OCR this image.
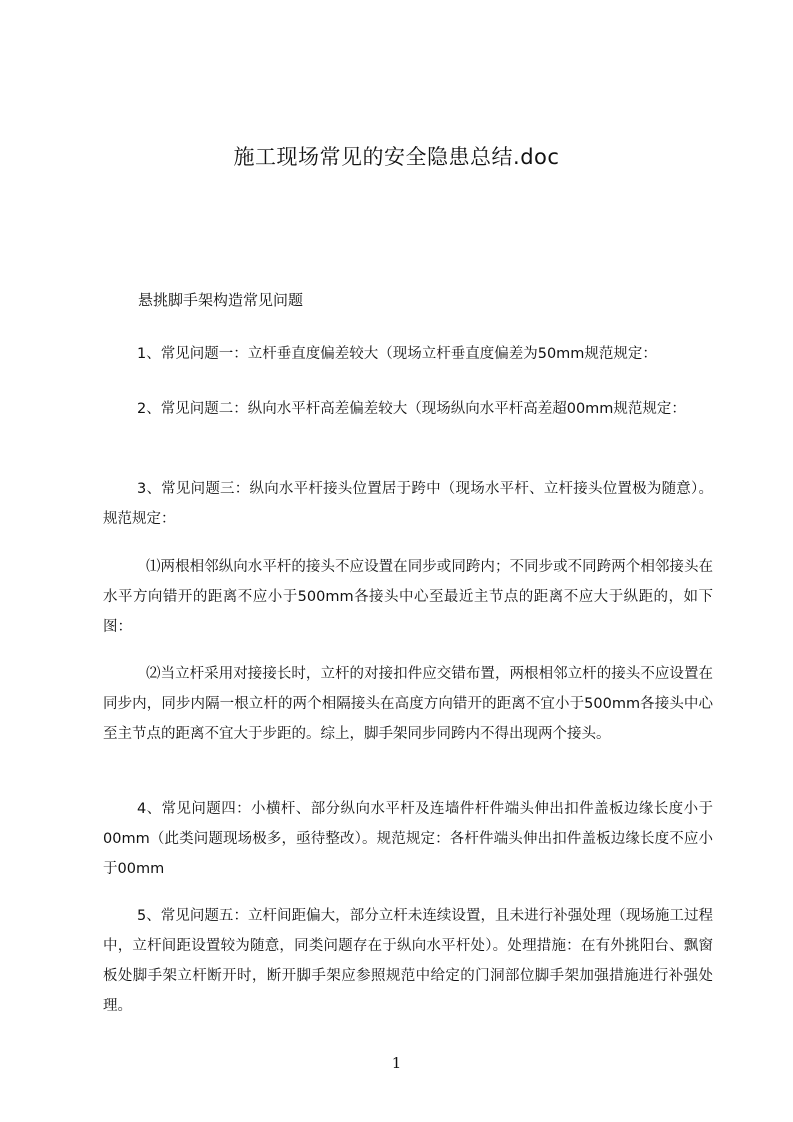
施工现场常见的安全隐患总结.doc
悬挑脚手架构造常见问题
1、常见问题一：立杆垂直度偏差较大（现场立杆垂直度偏差为50mm规范规定：
2、常见问题二：纵向水平杆高差偏差较大（现场纵向水平杆高差超00mm规范规定：
3、常见问题三：纵向水平杆接头位置居于跨中（现场水平杆、立杆接头位置极为随意）。规范规定：
⑴两根相邻纵向水平杆的接头不应设置在同步或同跨内；不同步或不同跨两个相邻接头在水平方向错开的距离不应小于500mm各接头中心至最近主节点的距离不应大于纵距的，如下图：
⑵当立杆采用对接接长时，立杆的对接扣件应交错布置，两根相邻立杆的接头不应设置在同步内，同步内隔一根立杆的两个相隔接头在高度方向错开的距离不宜小于500mm各接头中心至主节点的距离不宜大于步距的。综上，脚手架同步同跨内不得出现两个接头。
4、常见问题四：小横杆、部分纵向水平杆及连墙件杆件端头伸出扣件盖板边缘长度小于00mm（此类问题现场极多，亟待整改）。规范规定：各杆件端头伸出扣件盖板边缘长度不应小于00mm
5、常见问题五：立杆间距偏大，部分立杆未连续设置，且未进行补强处理（现场施工过程中，立杆间距设置较为随意，同类问题存在于纵向水平杆处）。处理措施：在有外挑阳台、飘窗板处脚手架立杆断开时，断开脚手架应参照规范中给定的门洞部位脚手架加强措施进行补强处理。
1
